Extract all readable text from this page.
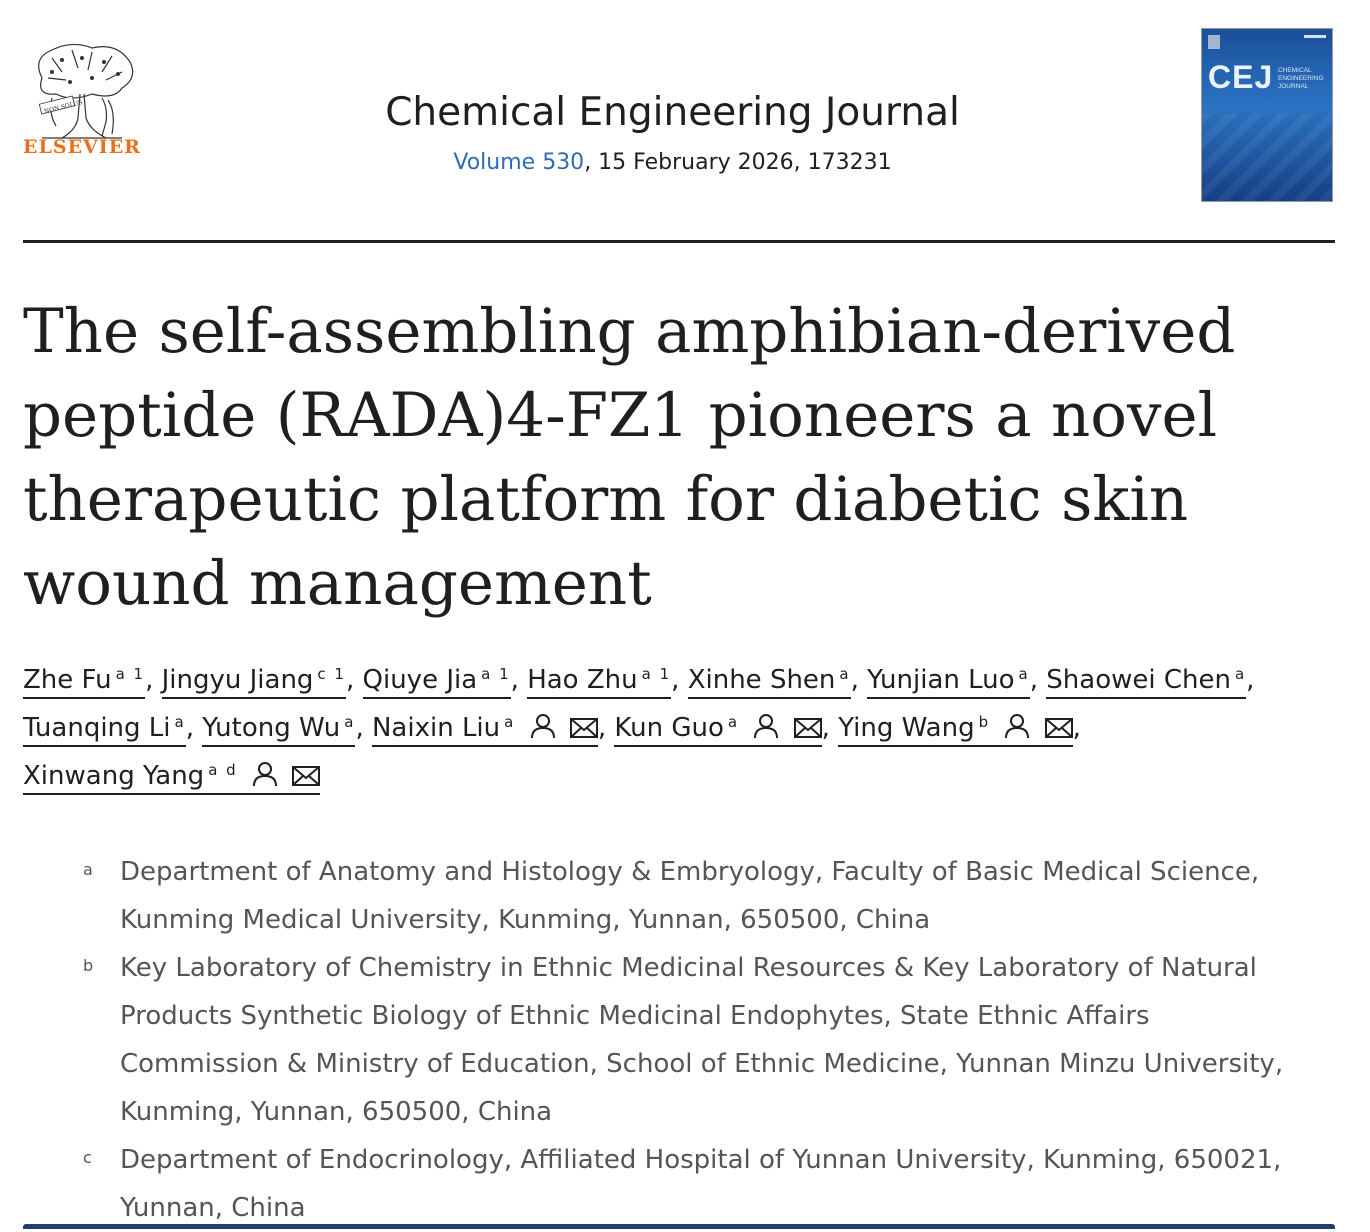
NON SOLUS
ELSEVIER
Chemical Engineering Journal
Volume 530, 15 February 2026, 173231
CEJ CHEMICAL ENGINEERING JOURNAL
The self-assembling amphibian-derived
peptide (RADA)4-FZ1 pioneers a novel
therapeutic platform for diabetic skin
wound management
Zhe Fu $^{a 1}$, Jingyu Jiang $^{c 1}$, Qiuye Jia $^{a 1}$, Hao Zhu $^{a 1}$, Xinhe Shen $^a$, Yunjian Luo $^a$, Shaowei Chen $^a$,
Tuanqing Li $^a$, Yutong Wu $^a$, Naixin Liu $^a$	, Kun Guo $^a$	, Ying Wang $^b$	,
Xinwang Yang $^{a d}$
a Department of Anatomy and Histology & Embryology, Faculty of Basic Medical Science,
Kunming Medical University, Kunming, Yunnan, 650500, China
b Key Laboratory of Chemistry in Ethnic Medicinal Resources & Key Laboratory of Natural
Products Synthetic Biology of Ethnic Medicinal Endophytes, State Ethnic Affairs
Commission & Ministry of Education, School of Ethnic Medicine, Yunnan Minzu University,
Kunming, Yunnan, 650500, China
c Department of Endocrinology, Affiliated Hospital of Yunnan University, Kunming, 650021,
Yunnan, China
